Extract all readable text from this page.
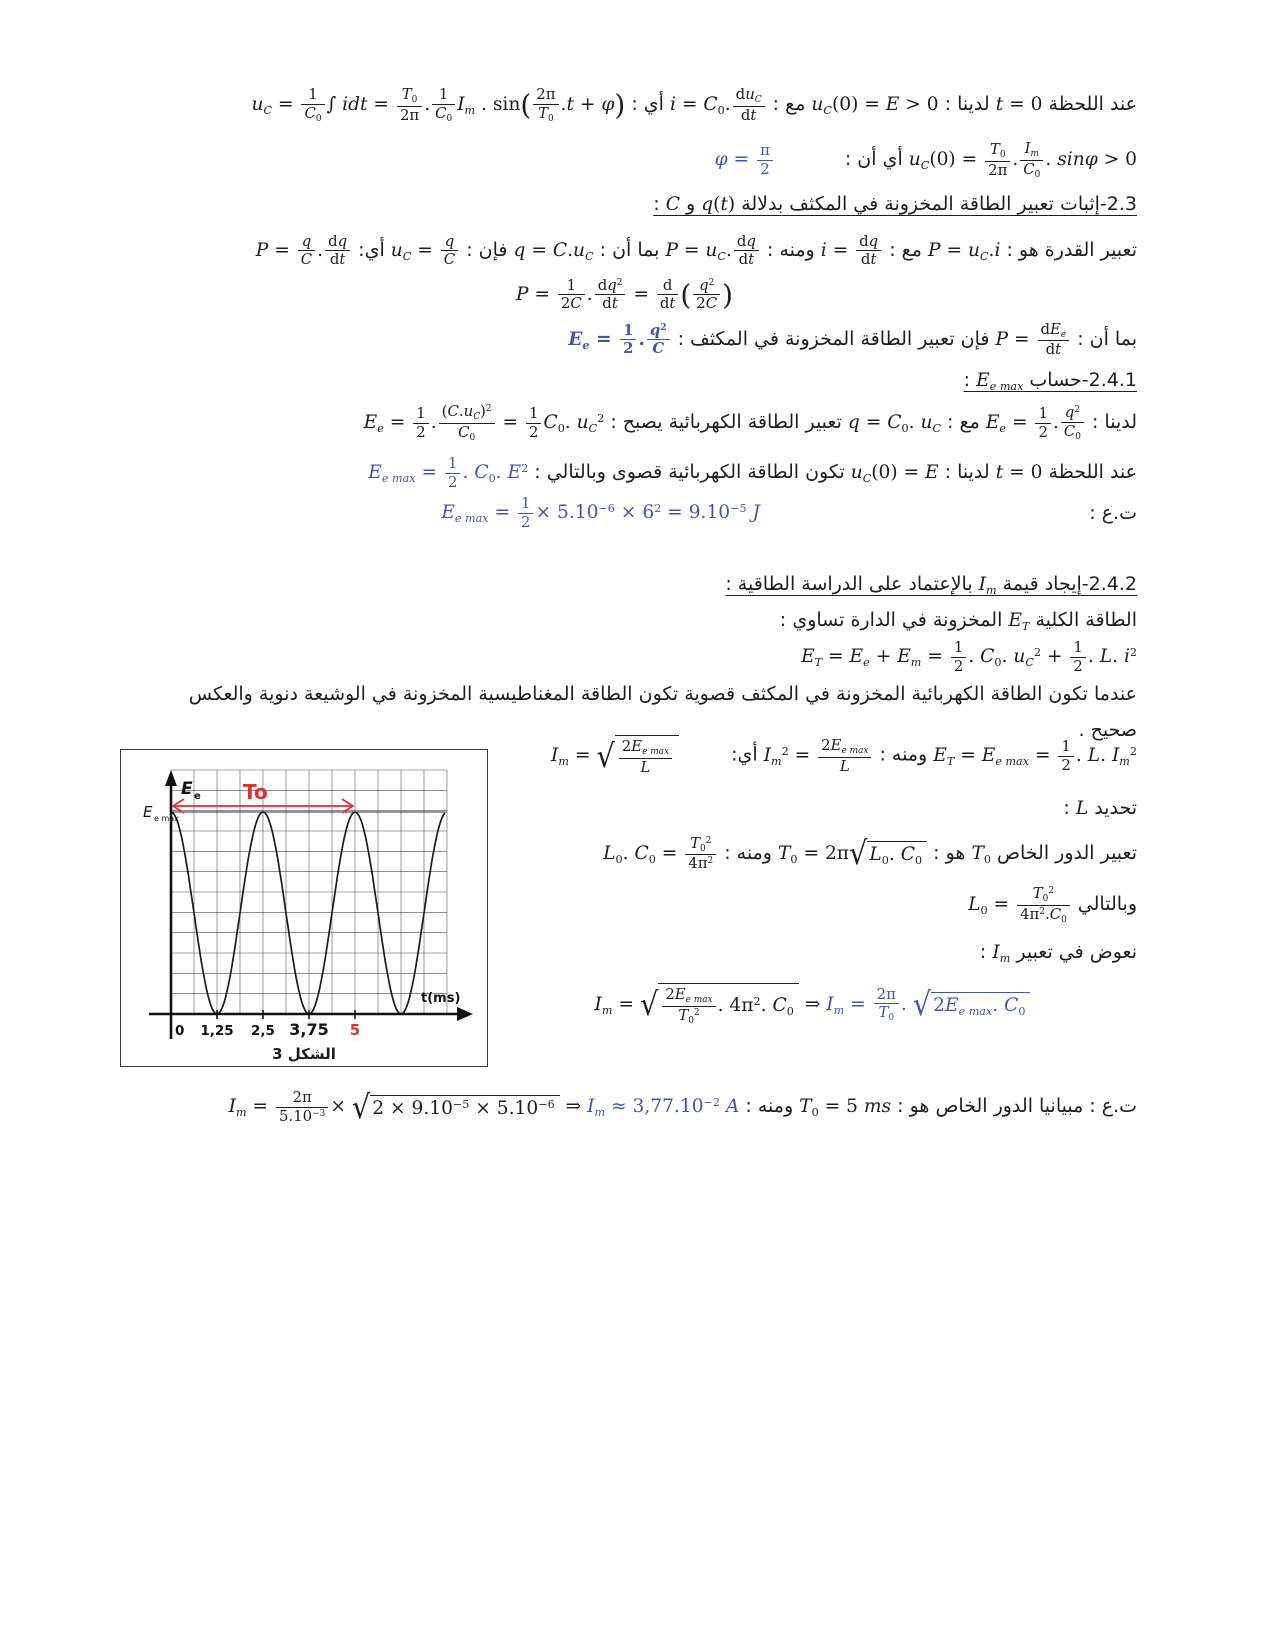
عند اللحظة t = 0 لدينا : $u_C(0) = E > 0$ مع : $i = C_0$.
$du_C$
dt
أي : $u_C = \frac{1}{C_0}$ ∫ idt = $\frac{T_0}{2\pi}$ . $\frac{1}{C_0} I_m$ . $\sin( \frac{2\pi}{T_0} .t + \varphi)$
$u_C(0) = \frac{T_0}{2\pi}$ . $\frac{I_m}{C_0}$ . sinφ > 0 أي أن :
$\varphi = \frac{\pi}{2}$
2.3-إثبات تعبير الطاقة المخزونة في المكثف بدلالة q(t) و C :
تعبير القدرة هو : $P = u_C.i$ مع : $i = \frac{dq}{dt}$
ومنه : $P = u_C$. $\frac{dq}{dt}$
بما أن : $q = C.u_C$ فإن : $u_C = \frac{q}{C}$
أي: $P = \frac{q}{C}$ . $\frac{dq}{dt}$
$P = \frac{1}{2C}$ . $\frac{dq^2}{dt} = \frac{d}{dt}$ ( $\frac{q^2}{2C}$ )
بما أن : P =
$dE_e$
dt
فإن تعبير الطاقة المخزونة في المكثف : $E_e = \frac{1}{2}$ . $\frac{q^2}{C}$
2.4.1-حساب $E_{e max}$ :
لدينا : $E_e = \frac{1}{2}$ . $\frac{q^2}{C_0}$
مع : $q = C_0$. $u_C$ تعبير الطاقة الكهربائية يصبح : $E_e = \frac{1}{2}$ . $\frac{(C.u_C)^2}{C_0} = \frac{1}{2} C_0$. $u_C^2$
عند اللحظة t = 0 لدينا : $u_C(0) = E$ تكون الطاقة الكهربائية قصوى وبالتالي : $E_{e max} = \frac{1}{2}$ . $C_0$. $E^2$
ت.ع :
$E_{e max} = \frac{1}{2} \times 5.10^{-6} \times 6^2 = 9.10^{-5}$ J
2.4.2-إيجاد قيمة $I_m$ بالإعتماد على الدراسة الطاقية :
الطاقة الكلية $E_T$ المخزونة في الدارة تساوي :
$E_T = E_e + E_m = \frac{1}{2}$ . $C_0$. $u_C^2 + \frac{1}{2}$ . L. $i^2$
عندما تكون الطاقة الكهربائية المخزونة في المكثف قصوية تكون الطاقة المغناطيسية المخزونة في الوشيعة دنوية والعكس
صحيح .
0 1,25 2,5 3,75 5
To
E e
E e max
t(ms)
الشكل 3
$E_T = E_{e max} = \frac{1}{2}$ . L. $I_m^2$ ومنه : $I_m^2$ =
$2E_{e max}$
L
أي: $I_m$ = √ $2E_{e max}$
L
تحديد L :
تعبير الدور الخاص $T_0$ هو : $T_0 = 2\pi$ √ $L_0$. $C_0$
ومنه : $L_0$. $C_0 = \frac{T_0^2}{4\pi^2}$
وبالتالي $L_0 = \frac{T_0^2}{4\pi^2.C_0}$
نعوض في تعبير $I_m$ :
$I_m$ = √ $2E_{e max}$
$T_0^2$ . $4\pi^2$. $C_0$ ⇒ $I_m = \frac{2\pi}{T_0}$ . √ $2E_{e max}$. $C_0$
ت.ع : مبيانيا الدور الخاص هو : $T_0 = 5$ ms ومنه : $I_m = \frac{2\pi}{5.10^{-3}}$ × √ $2 \times 9.10^{-5} \times 5.10^{-6}$ ⇒ $I_m \approx 3,77.10^{-2}$ A
